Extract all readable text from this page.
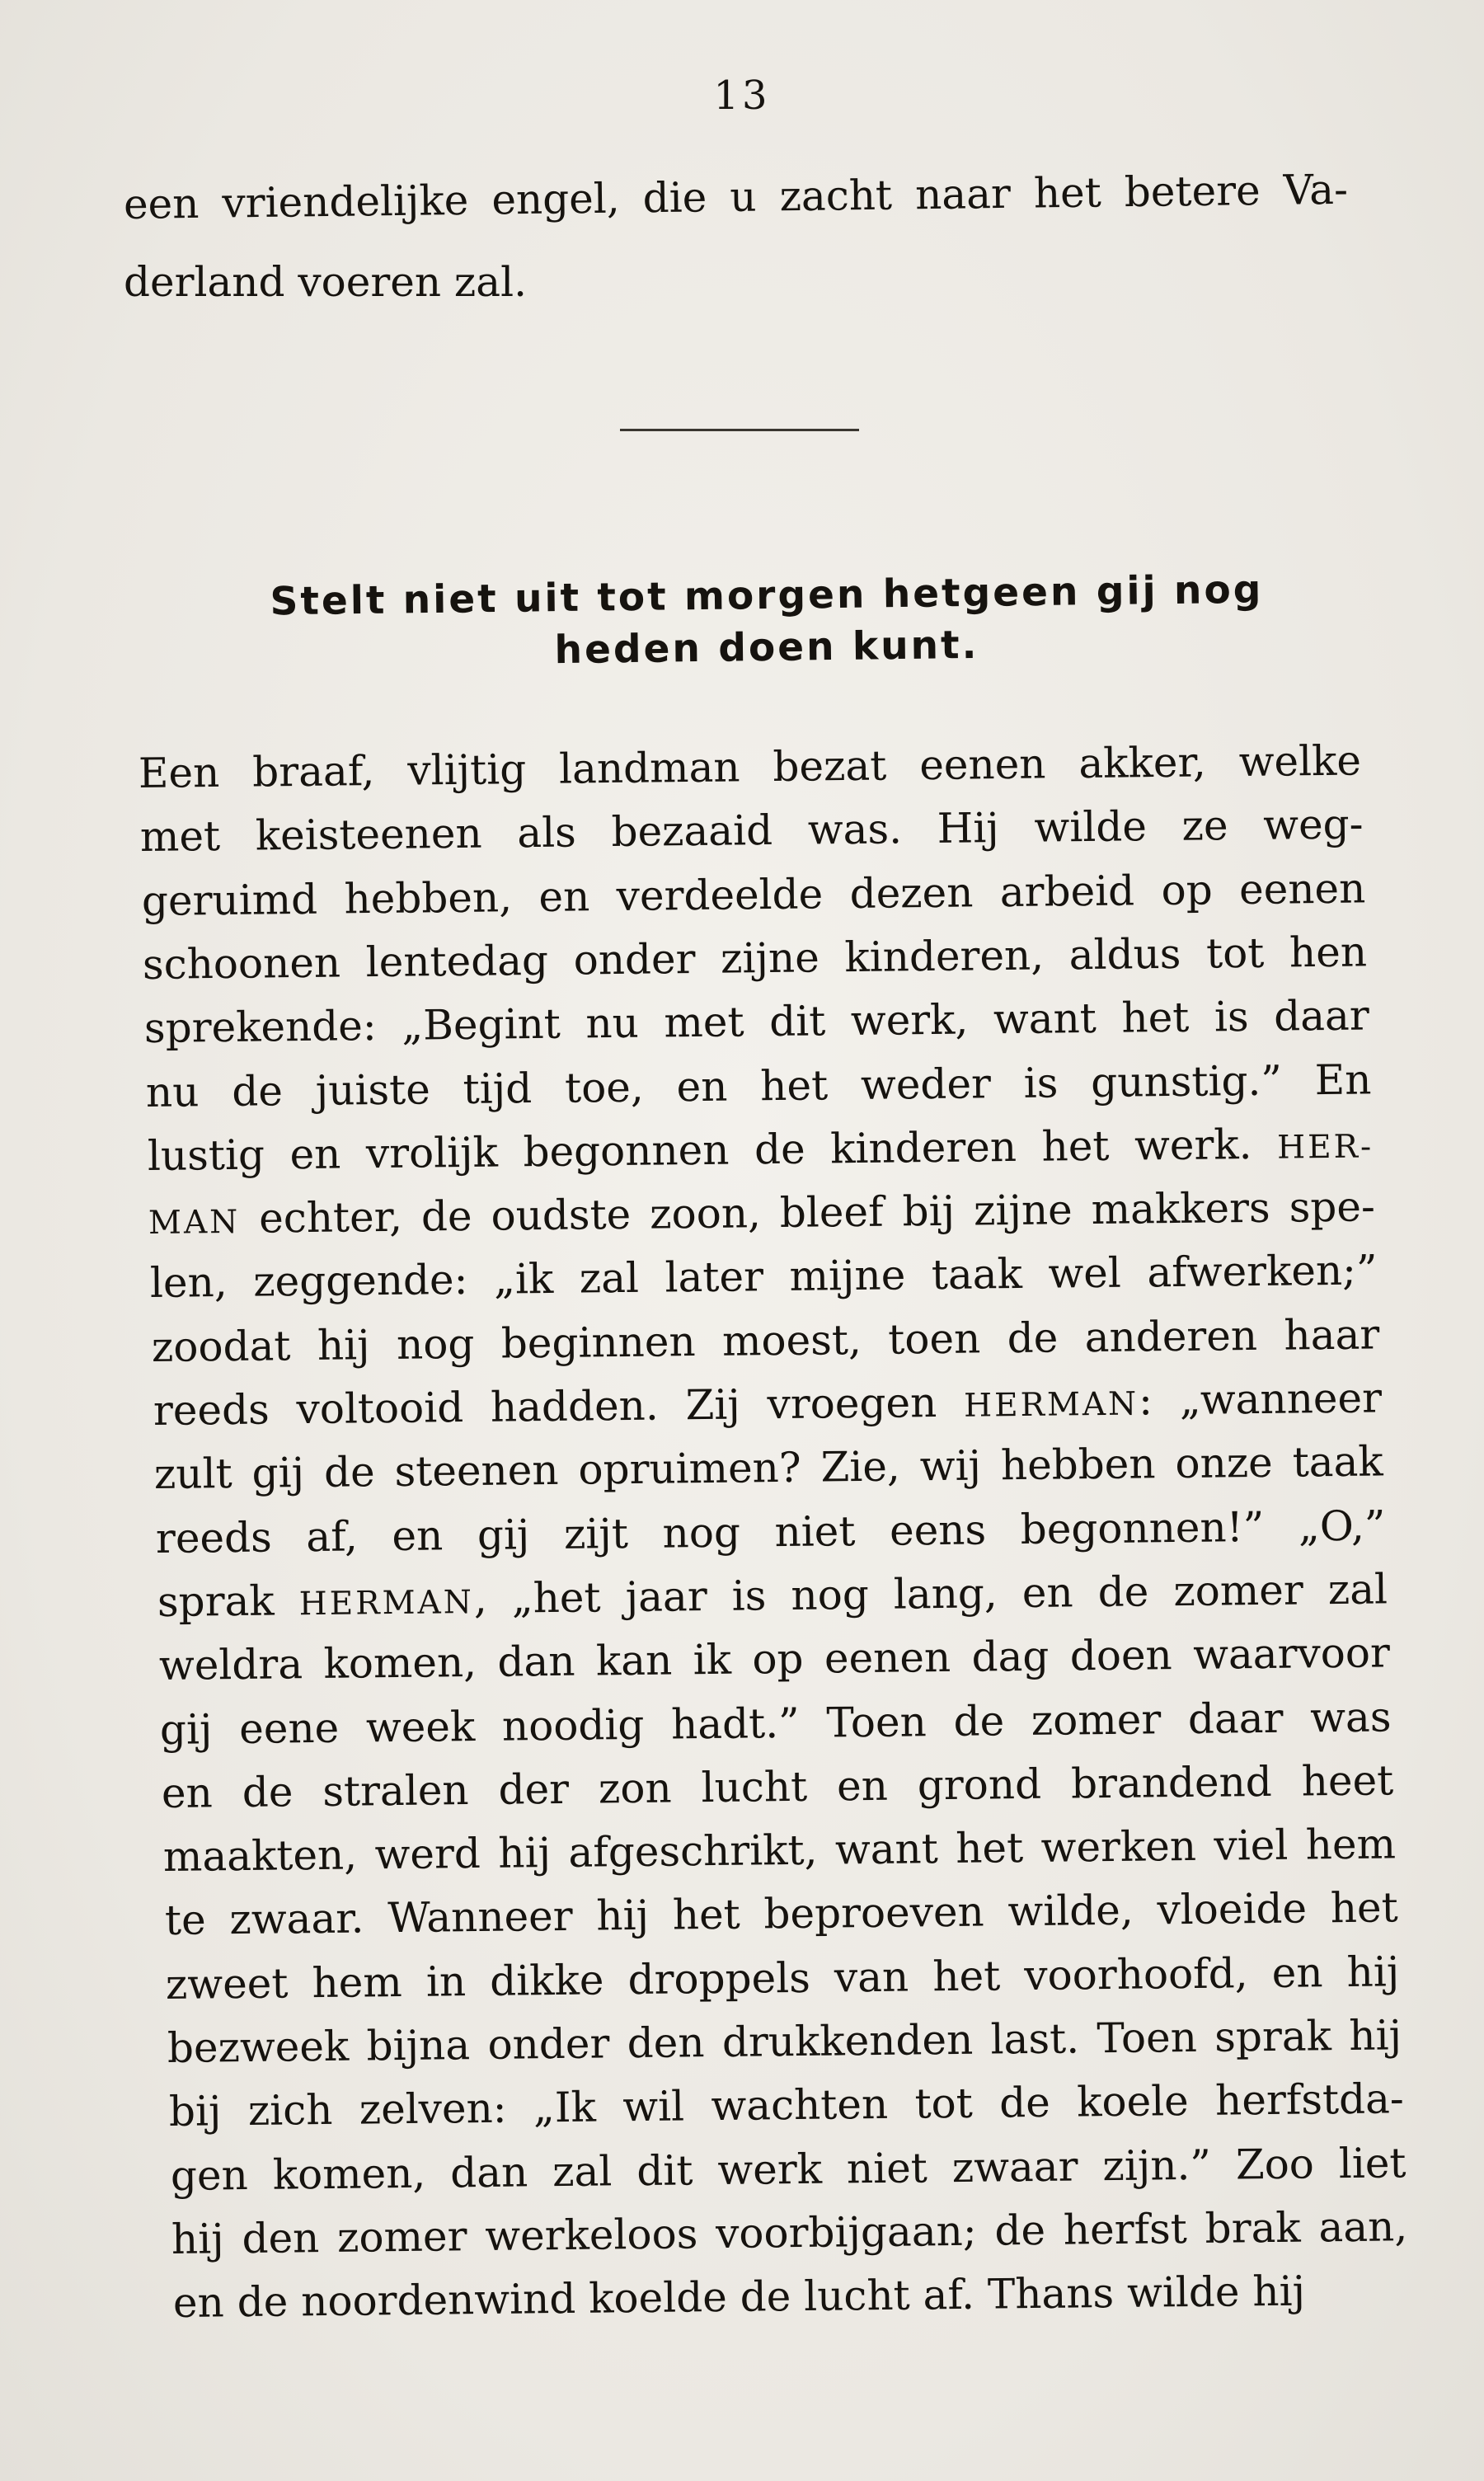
13
een vriendelijke engel, die u zacht naar het betere Va-
derland voeren zal.
Stelt niet uit tot morgen hetgeen gij nog
heden doen kunt.
Een braaf, vlijtig landman bezat eenen akker, welke
met keisteenen als bezaaid was. Hij wilde ze weg-
geruimd hebben, en verdeelde dezen arbeid op eenen
schoonen lentedag onder zijne kinderen, aldus tot hen
sprekende: „Begint nu met dit werk, want het is daar
nu de juiste tijd toe, en het weder is gunstig.” En
lustig en vrolijk begonnen de kinderen het werk. HER-
MAN echter, de oudste zoon, bleef bij zijne makkers spe-
len, zeggende: „ik zal later mijne taak wel afwerken;”
zoodat hij nog beginnen moest, toen de anderen haar
reeds voltooid hadden. Zij vroegen HERMAN: „wanneer
zult gij de steenen opruimen? Zie, wij hebben onze taak
reeds af, en gij zijt nog niet eens begonnen!” „O,”
sprak HERMAN, „het jaar is nog lang, en de zomer zal
weldra komen, dan kan ik op eenen dag doen waarvoor
gij eene week noodig hadt.” Toen de zomer daar was
en de stralen der zon lucht en grond brandend heet
maakten, werd hij afgeschrikt, want het werken viel hem
te zwaar. Wanneer hij het beproeven wilde, vloeide het
zweet hem in dikke droppels van het voorhoofd, en hij
bezweek bijna onder den drukkenden last. Toen sprak hij
bij zich zelven: „Ik wil wachten tot de koele herfstda-
gen komen, dan zal dit werk niet zwaar zijn.” Zoo liet
hij den zomer werkeloos voorbijgaan; de herfst brak aan,
en de noordenwind koelde de lucht af. Thans wilde hij
